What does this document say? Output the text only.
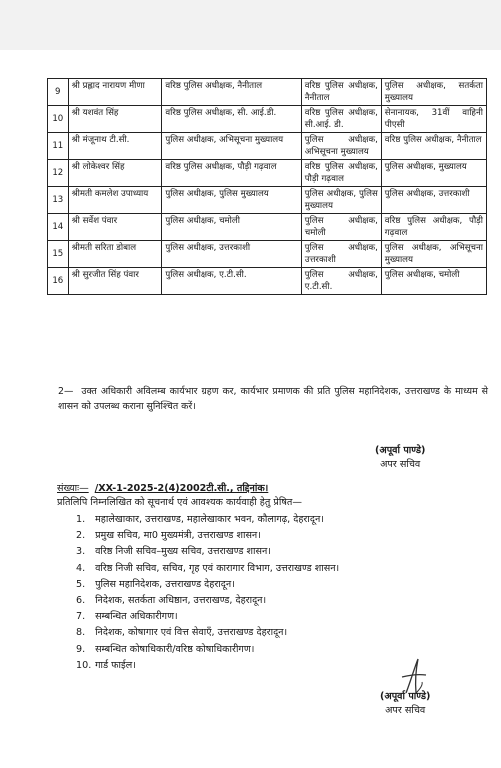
9	श्री प्रह्लाद नारायण मीणा	वरिष्ठ पुलिस अधीक्षक, नैनीताल	वरिष्ठ पुलिस अधीक्षक, नैनीताल	पुलिस अधीक्षक, सतर्कता मुख्यालय
10	श्री यशवंत सिंह	वरिष्ठ पुलिस अधीक्षक, सी. आई.डी.	वरिष्ठ पुलिस अधीक्षक, सी.आई. डी.	सेनानायक, 31वीं वाहिनी पीएसी
11	श्री मंजूनाथ टी.सी.	पुलिस अधीक्षक, अभिसूचना मुख्यालय	पुलिस अधीक्षक, अभिसूचना मुख्यालय	वरिष्ठ पुलिस अधीक्षक, नैनीताल
12	श्री लोकेश्वर सिंह	वरिष्ठ पुलिस अधीक्षक, पौड़ी गढ़वाल	वरिष्ठ पुलिस अधीक्षक, पौड़ी गढ़वाल	पुलिस अधीक्षक, मुख्यालय
13	श्रीमती कमलेश उपाध्याय	पुलिस अधीक्षक, पुलिस मुख्यालय	पुलिस अधीक्षक, पुलिस मुख्यालय	पुलिस अधीक्षक, उत्तरकाशी
14	श्री सर्वेश पंवार	पुलिस अधीक्षक, चमोली	पुलिस अधीक्षक, चमोली	वरिष्ठ पुलिस अधीक्षक, पौड़ी गढ़वाल
15	श्रीमती सरिता डोबाल	पुलिस अधीक्षक, उत्तरकाशी	पुलिस अधीक्षक, उत्तरकाशी	पुलिस अधीक्षक, अभिसूचना मुख्यालय
16	श्री सुरजीत सिंह पंवार	पुलिस अधीक्षक, ए.टी.सी.	पुलिस अधीक्षक, ए.टी.सी.	पुलिस अधीक्षक, चमोली
2— उक्त अधिकारी अविलम्ब कार्यभार ग्रहण कर, कार्यभार प्रमाणक की प्रति पुलिस महानिदेशक, उत्तराखण्ड के माध्यम से शासन को उपलब्ध कराना सुनिश्चित करें।
(अपूर्वा पाण्डे)
अपर सचिव
संख्याः— /XX-1-2025-2(4)2002टी.सी., तद्दिनांक।
प्रतिलिपि निम्नलिखित को सूचनार्थ एवं आवश्यक कार्यवाही हेतु प्रेषित—
1. महालेखाकार, उत्तराखण्ड, महालेखाकार भवन, कौलागढ़, देहरादून।
2. प्रमुख सचिव, मा0 मुख्यमंत्री, उत्तराखण्ड शासन।
3. वरिष्ठ निजी सचिव–मुख्य सचिव, उत्तराखण्ड शासन।
4. वरिष्ठ निजी सचिव, सचिव, गृह एवं कारागार विभाग, उत्तराखण्ड शासन।
5. पुलिस महानिदेशक, उत्तराखण्ड देहरादून।
6. निदेशक, सतर्कता अधिष्ठान, उत्तराखण्ड, देहरादून।
7. सम्बन्धित अधिकारीगण।
8. निदेशक, कोषागार एवं वित्त सेवाएँ, उत्तराखण्ड देहरादून।
9. सम्बन्धित कोषाधिकारी/वरिष्ठ कोषाधिकारीगण।
10. गार्ड फाईल।
(अपूर्वा पाण्डे)
अपर सचिव
